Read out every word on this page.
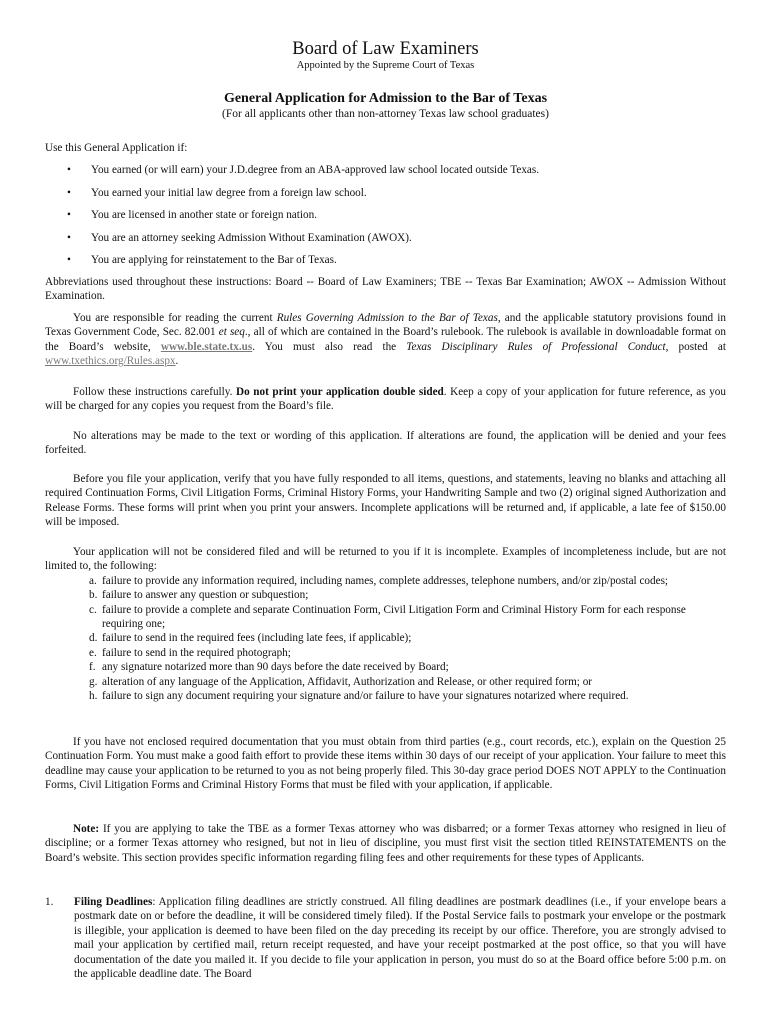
Board of Law Examiners
Appointed by the Supreme Court of Texas
General Application for Admission to the Bar of Texas
(For all applicants other than non-attorney Texas law school graduates)
Use this General Application if:
• You earned (or will earn) your J.D.degree from an ABA-approved law school located outside Texas.
• You earned your initial law degree from a foreign law school.
• You are licensed in another state or foreign nation.
• You are an attorney seeking Admission Without Examination (AWOX).
• You are applying for reinstatement to the Bar of Texas.
Abbreviations used throughout these instructions: Board -- Board of Law Examiners; TBE -- Texas Bar Examination; AWOX -- Admission Without Examination.
You are responsible for reading the current Rules Governing Admission to the Bar of Texas, and the applicable statutory provisions found in Texas Government Code, Sec. 82.001 et seq., all of which are contained in the Board’s rulebook. The rulebook is available in downloadable format on the Board’s website, www.ble.state.tx.us. You must also read the Texas Disciplinary Rules of Professional Conduct, posted at www.txethics.org/Rules.aspx.
Follow these instructions carefully. Do not print your application double sided. Keep a copy of your application for future reference, as you will be charged for any copies you request from the Board’s file.
No alterations may be made to the text or wording of this application. If alterations are found, the application will be denied and your fees forfeited.
Before you file your application, verify that you have fully responded to all items, questions, and statements, leaving no blanks and attaching all required Continuation Forms, Civil Litigation Forms, Criminal History Forms, your Handwriting Sample and two (2) original signed Authorization and Release Forms. These forms will print when you print your answers. Incomplete applications will be returned and, if applicable, a late fee of $150.00 will be imposed.
Your application will not be considered filed and will be returned to you if it is incomplete. Examples of incompleteness include, but are not limited to, the following:
a. failure to provide any information required, including names, complete addresses, telephone numbers, and/or zip/postal codes;
b. failure to answer any question or subquestion;
c. failure to provide a complete and separate Continuation Form, Civil Litigation Form and Criminal History Form for each response requiring one;
d. failure to send in the required fees (including late fees, if applicable);
e. failure to send in the required photograph;
f. any signature notarized more than 90 days before the date received by Board;
g. alteration of any language of the Application, Affidavit, Authorization and Release, or other required form; or
h. failure to sign any document requiring your signature and/or failure to have your signatures notarized where required.
If you have not enclosed required documentation that you must obtain from third parties (e.g., court records, etc.), explain on the Question 25 Continuation Form. You must make a good faith effort to provide these items within 30 days of our receipt of your application. Your failure to meet this deadline may cause your application to be returned to you as not being properly filed. This 30-day grace period DOES NOT APPLY to the Continuation Forms, Civil Litigation Forms and Criminal History Forms that must be filed with your application, if applicable.
Note: If you are applying to take the TBE as a former Texas attorney who was disbarred; or a former Texas attorney who resigned in lieu of discipline; or a former Texas attorney who resigned, but not in lieu of discipline, you must first visit the section titled REINSTATEMENTS on the Board’s website. This section provides specific information regarding filing fees and other requirements for these types of Applicants.
1. Filing Deadlines: Application filing deadlines are strictly construed. All filing deadlines are postmark deadlines (i.e., if your envelope bears a postmark date on or before the deadline, it will be considered timely filed). If the Postal Service fails to postmark your envelope or the postmark is illegible, your application is deemed to have been filed on the day preceding its receipt by our office. Therefore, you are strongly advised to mail your application by certified mail, return receipt requested, and have your receipt postmarked at the post office, so that you will have documentation of the date you mailed it. If you decide to file your application in person, you must do so at the Board office before 5:00 p.m. on the applicable deadline date. The Board
